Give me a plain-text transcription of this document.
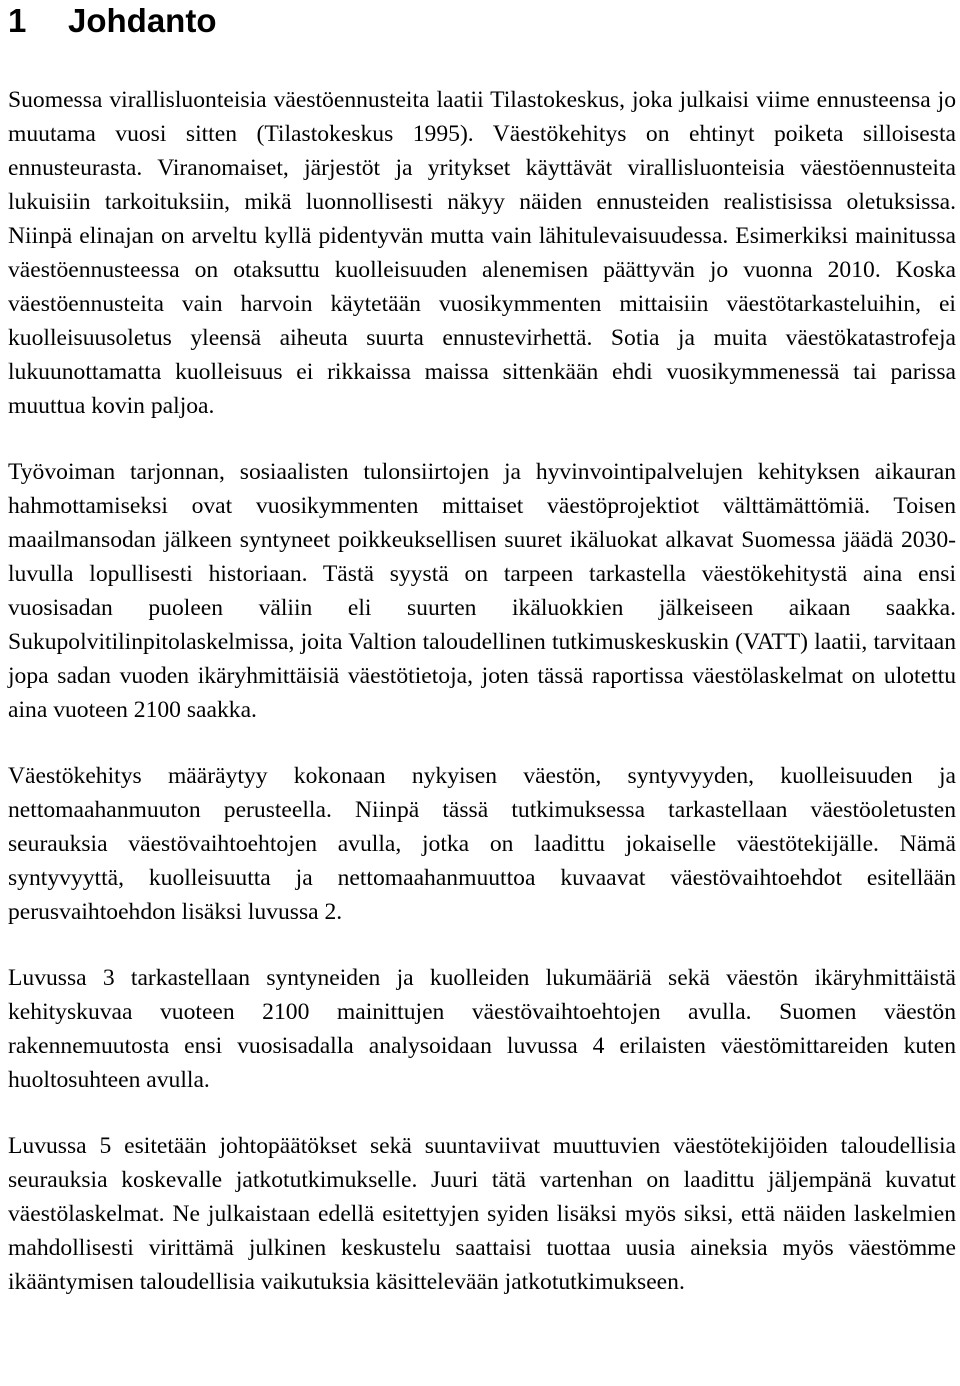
1	Johdanto

Suomessa virallisluonteisia väestöennusteita laatii Tilastokeskus, joka julkaisi viime ennusteensa jo muutama vuosi sitten (Tilastokeskus 1995). Väestökehitys on ehtinyt poiketa silloisesta ennusteurasta. Viranomaiset, järjestöt ja yritykset käyttävät virallisluonteisia väestöennusteita lukuisiin tarkoituksiin, mikä luonnollisesti näkyy näiden ennusteiden realistisissa oletuksissa. Niinpä elinajan on arveltu kyllä pidentyvän mutta vain lähitulevaisuudessa. Esimerkiksi mainitussa väestöennusteessa on otaksuttu kuolleisuuden alenemisen päättyvän jo vuonna 2010. Koska väestöennusteita vain harvoin käytetään vuosikymmenten mittaisiin väestötarkasteluihin, ei kuolleisuusoletus yleensä aiheuta suurta ennustevirhettä. Sotia ja muita väestökatastrofeja lukuunottamatta kuolleisuus ei rikkaissa maissa sittenkään ehdi vuosikymmenessä tai parissa muuttua kovin paljoa.

Työvoiman tarjonnan, sosiaalisten tulonsiirtojen ja hyvinvointipalvelujen kehityksen aikauran hahmottamiseksi ovat vuosikymmenten mittaiset väestöprojektiot välttämättömiä. Toisen maailmansodan jälkeen syntyneet poikkeuksellisen suuret ikäluokat alkavat Suomessa jäädä 2030-luvulla lopullisesti historiaan. Tästä syystä on tarpeen tarkastella väestökehitystä aina ensi vuosisadan puoleen väliin eli suurten ikäluokkien jälkeiseen aikaan saakka. Sukupolvitilinpitolaskelmissa, joita Valtion taloudellinen tutkimuskeskuskin (VATT) laatii, tarvitaan jopa sadan vuoden ikäryhmittäisiä väestötietoja, joten tässä raportissa väestölaskelmat on ulotettu aina vuoteen 2100 saakka.

Väestökehitys määräytyy kokonaan nykyisen väestön, syntyvyyden, kuolleisuuden ja nettomaahanmuuton perusteella. Niinpä tässä tutkimuksessa tarkastellaan väestöoletusten seurauksia väestövaihtoehtojen avulla, jotka on laadittu jokaiselle väestötekijälle. Nämä syntyvyyttä, kuolleisuutta ja nettomaahanmuuttoa kuvaavat väestövaihtoehdot esitellään perusvaihtoehdon lisäksi luvussa 2.

Luvussa 3 tarkastellaan syntyneiden ja kuolleiden lukumääriä sekä väestön ikäryhmittäistä kehityskuvaa vuoteen 2100 mainittujen väestövaihtoehtojen avulla. Suomen väestön rakennemuutosta ensi vuosisadalla analysoidaan luvussa 4 erilaisten väestömittareiden kuten huoltosuhteen avulla.

Luvussa 5 esitetään johtopäätökset sekä suuntaviivat muuttuvien väestötekijöiden taloudellisia seurauksia koskevalle jatkotutkimukselle. Juuri tätä vartenhan on laadittu jäljempänä kuvatut väestölaskelmat. Ne julkaistaan edellä esitettyjen syiden lisäksi myös siksi, että näiden laskelmien mahdollisesti virittämä julkinen keskustelu saattaisi tuottaa uusia aineksia myös väestömme ikääntymisen taloudellisia vaikutuksia käsittelevään jatkotutkimukseen.
